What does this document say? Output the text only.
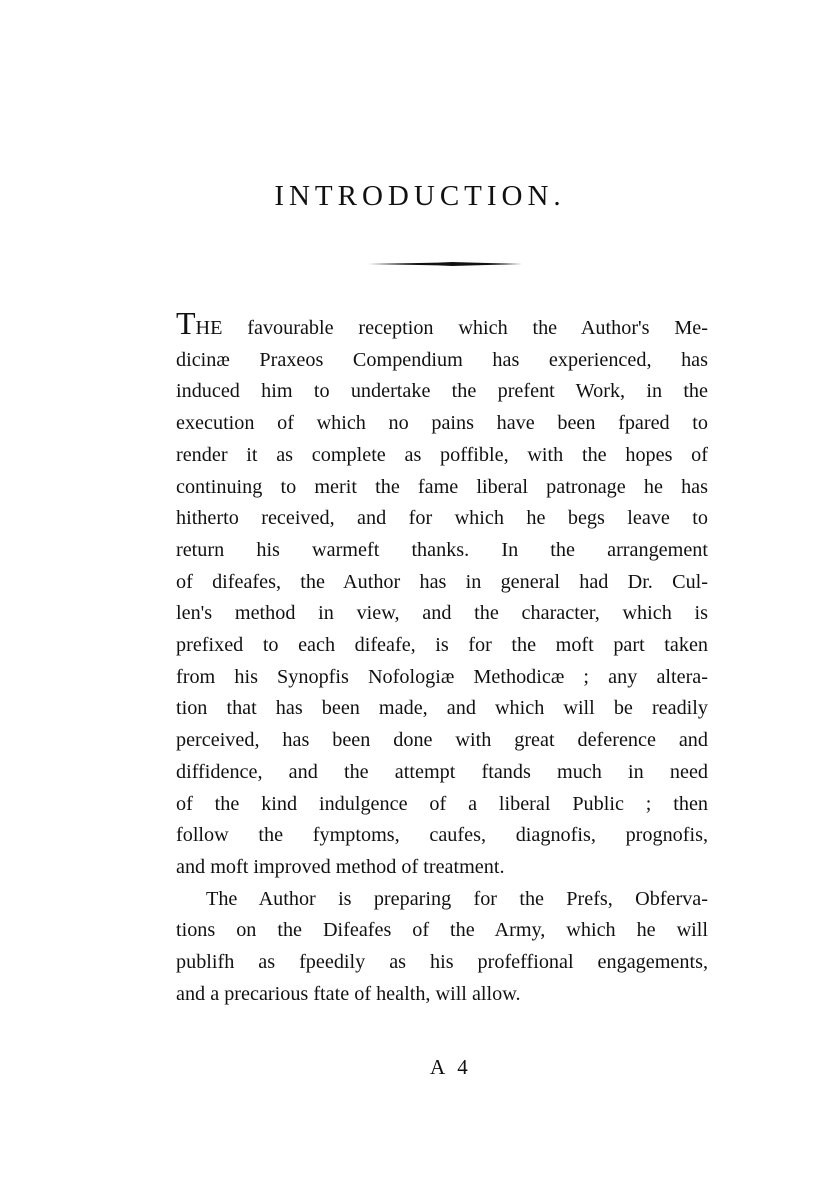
INTRODUCTION.
THE favourable reception which the Author's Me-
dicinæ Praxeos Compendium has experienced, has
induced him to undertake the prefent Work, in the
execution of which no pains have been fpared to
render it as complete as poffible, with the hopes of
continuing to merit the fame liberal patronage he has
hitherto received, and for which he begs leave to
return his warmeft thanks. In the arrangement
of difeafes, the Author has in general had Dr. Cul-
len's method in view, and the character, which is
prefixed to each difeafe, is for the moft part taken
from his Synopfis Nofologiæ Methodicæ ; any altera-
tion that has been made, and which will be readily
perceived, has been done with great deference and
diffidence, and the attempt ftands much in need
of the kind indulgence of a liberal Public ; then
follow the fymptoms, caufes, diagnofis, prognofis,
and moft improved method of treatment.
The Author is preparing for the Prefs, Obferva-
tions on the Difeafes of the Army, which he will
publifh as fpeedily as his profeffional engagements,
and a precarious ftate of health, will allow.
A 4
